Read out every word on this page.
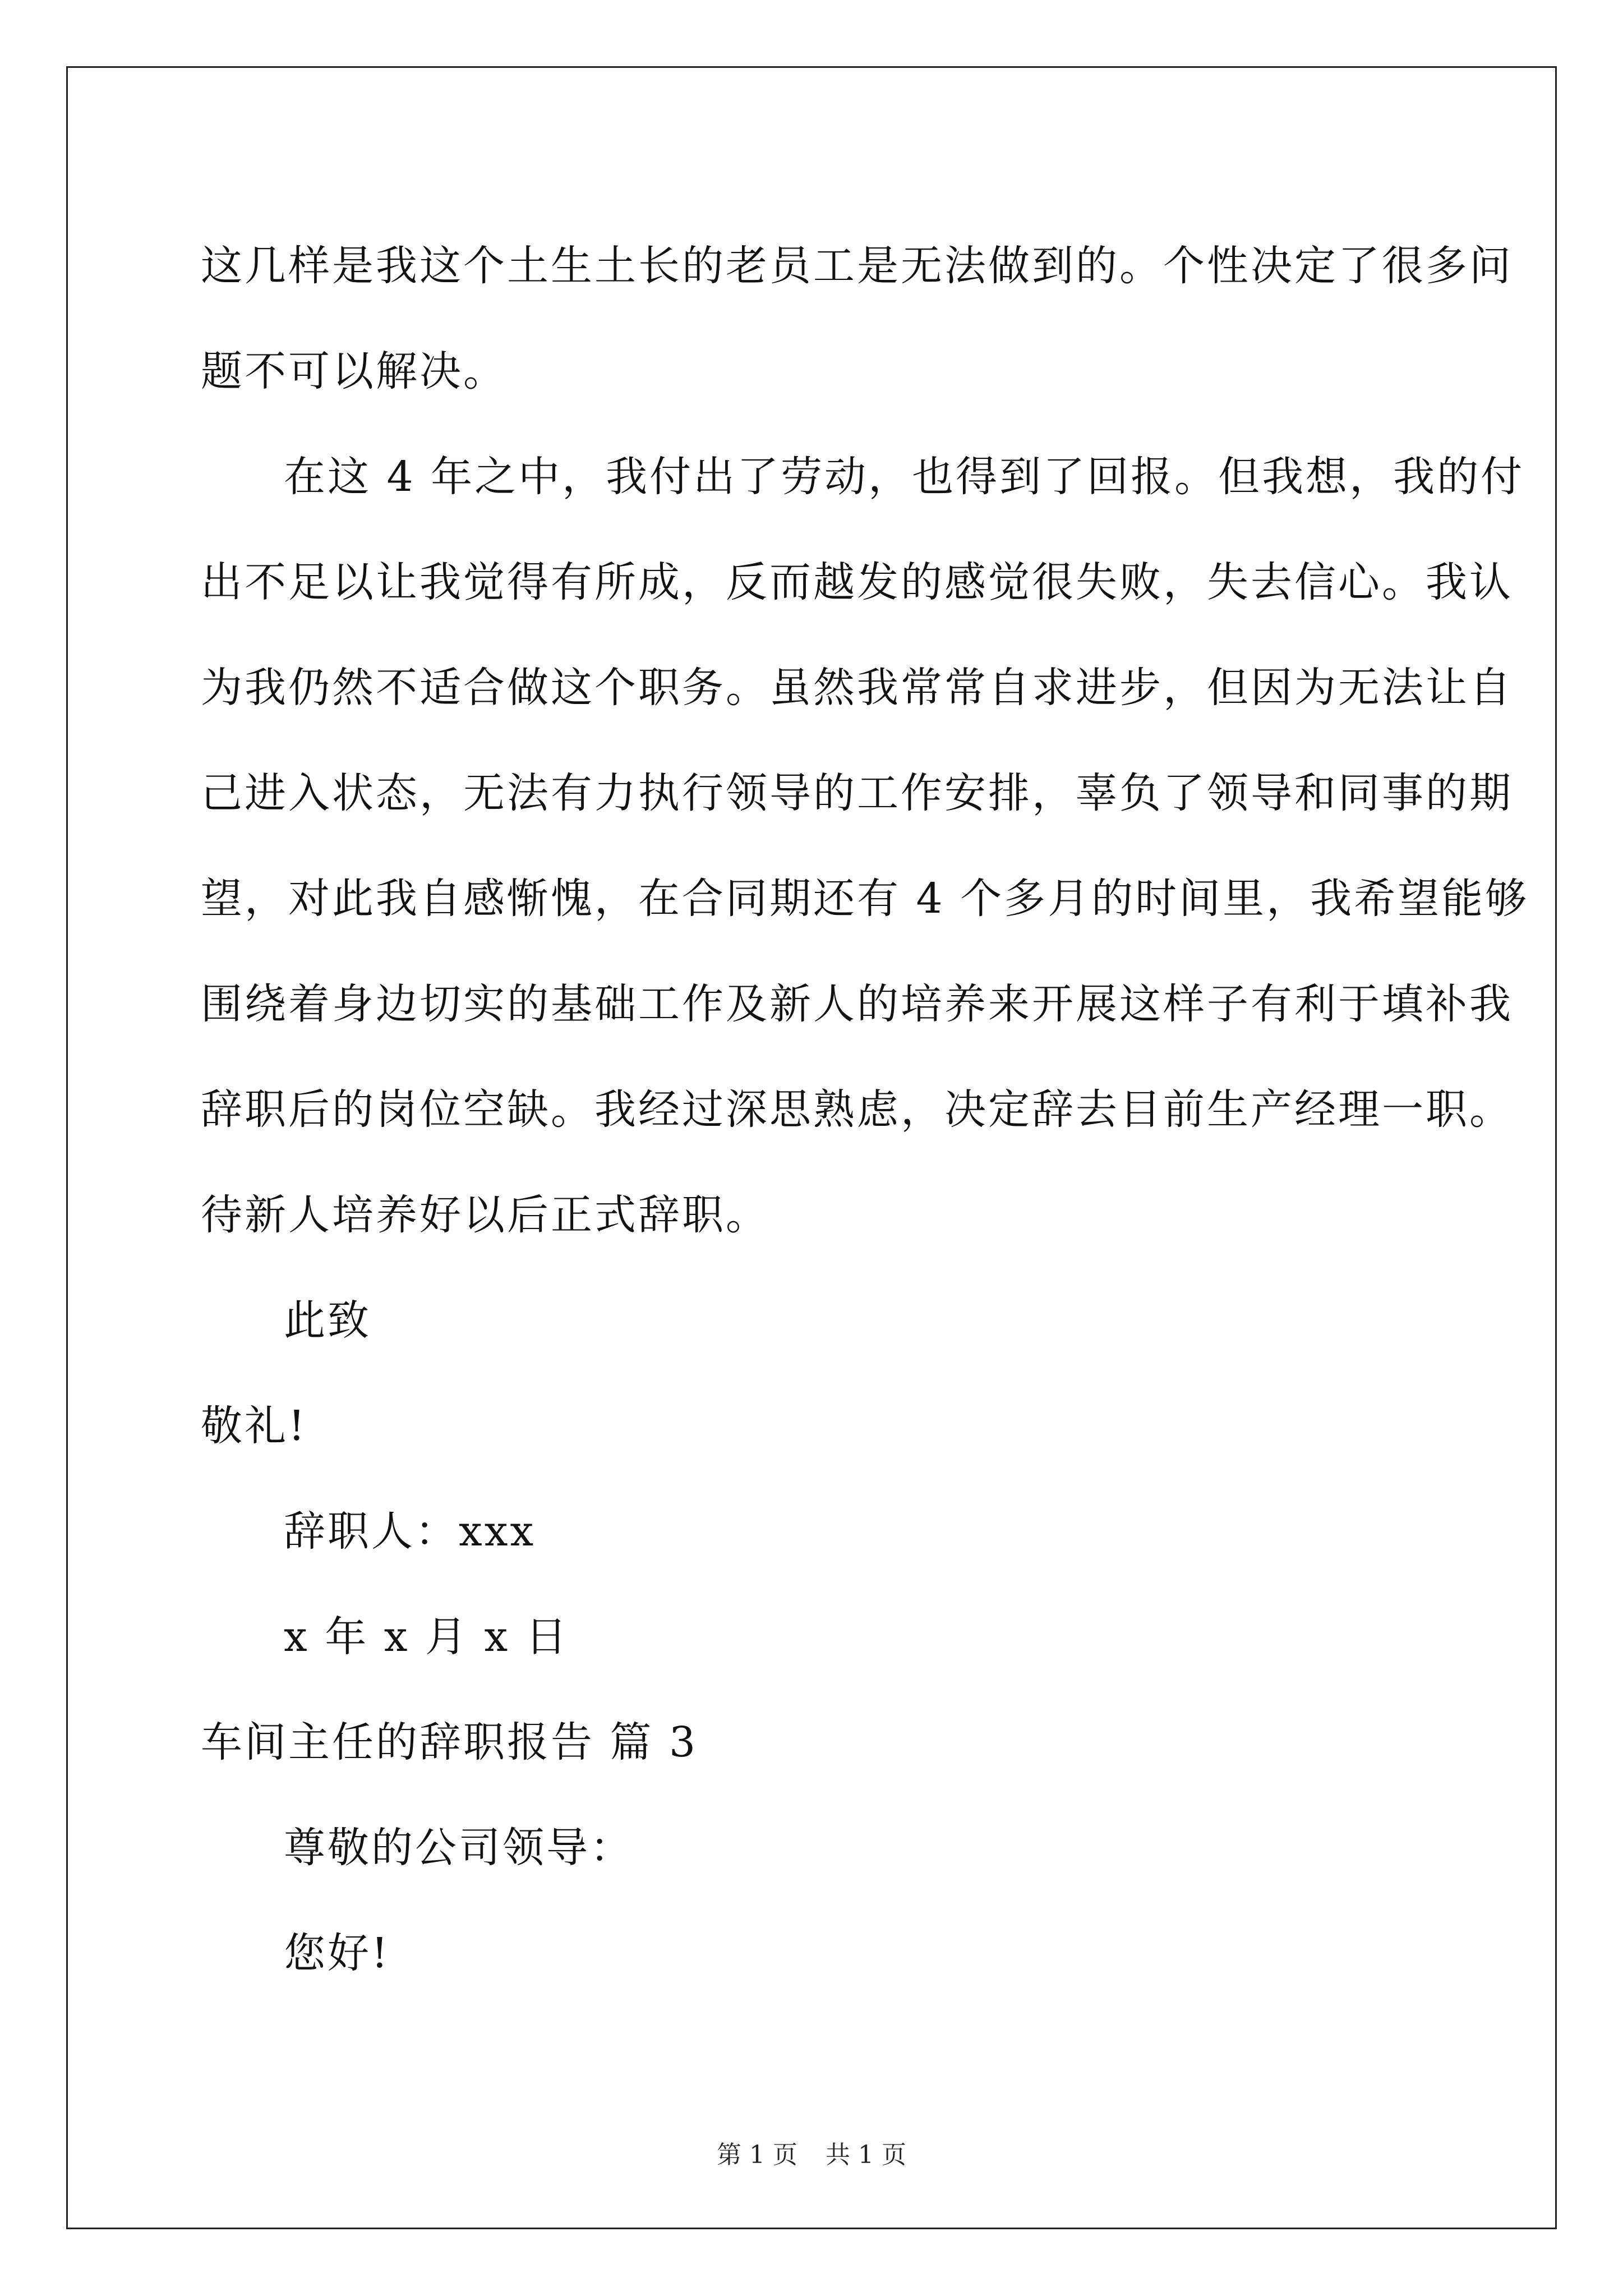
这几样是我这个土生土长的老员工是无法做到的。个性决定了很多问
题不可以解决。
在这 4 年之中，我付出了劳动，也得到了回报。但我想，我的付
出不足以让我觉得有所成，反而越发的感觉很失败，失去信心。我认
为我仍然不适合做这个职务。虽然我常常自求进步，但因为无法让自
己进入状态，无法有力执行领导的工作安排，辜负了领导和同事的期
望，对此我自感惭愧，在合同期还有 4 个多月的时间里，我希望能够
围绕着身边切实的基础工作及新人的培养来开展这样子有利于填补我
辞职后的岗位空缺。我经过深思熟虑，决定辞去目前生产经理一职。
待新人培养好以后正式辞职。
此致
敬礼!
辞职人：xxx
x 年 x 月 x 日
车间主任的辞职报告 篇 3
尊敬的公司领导：
您好!
第 1 页 共 1 页
